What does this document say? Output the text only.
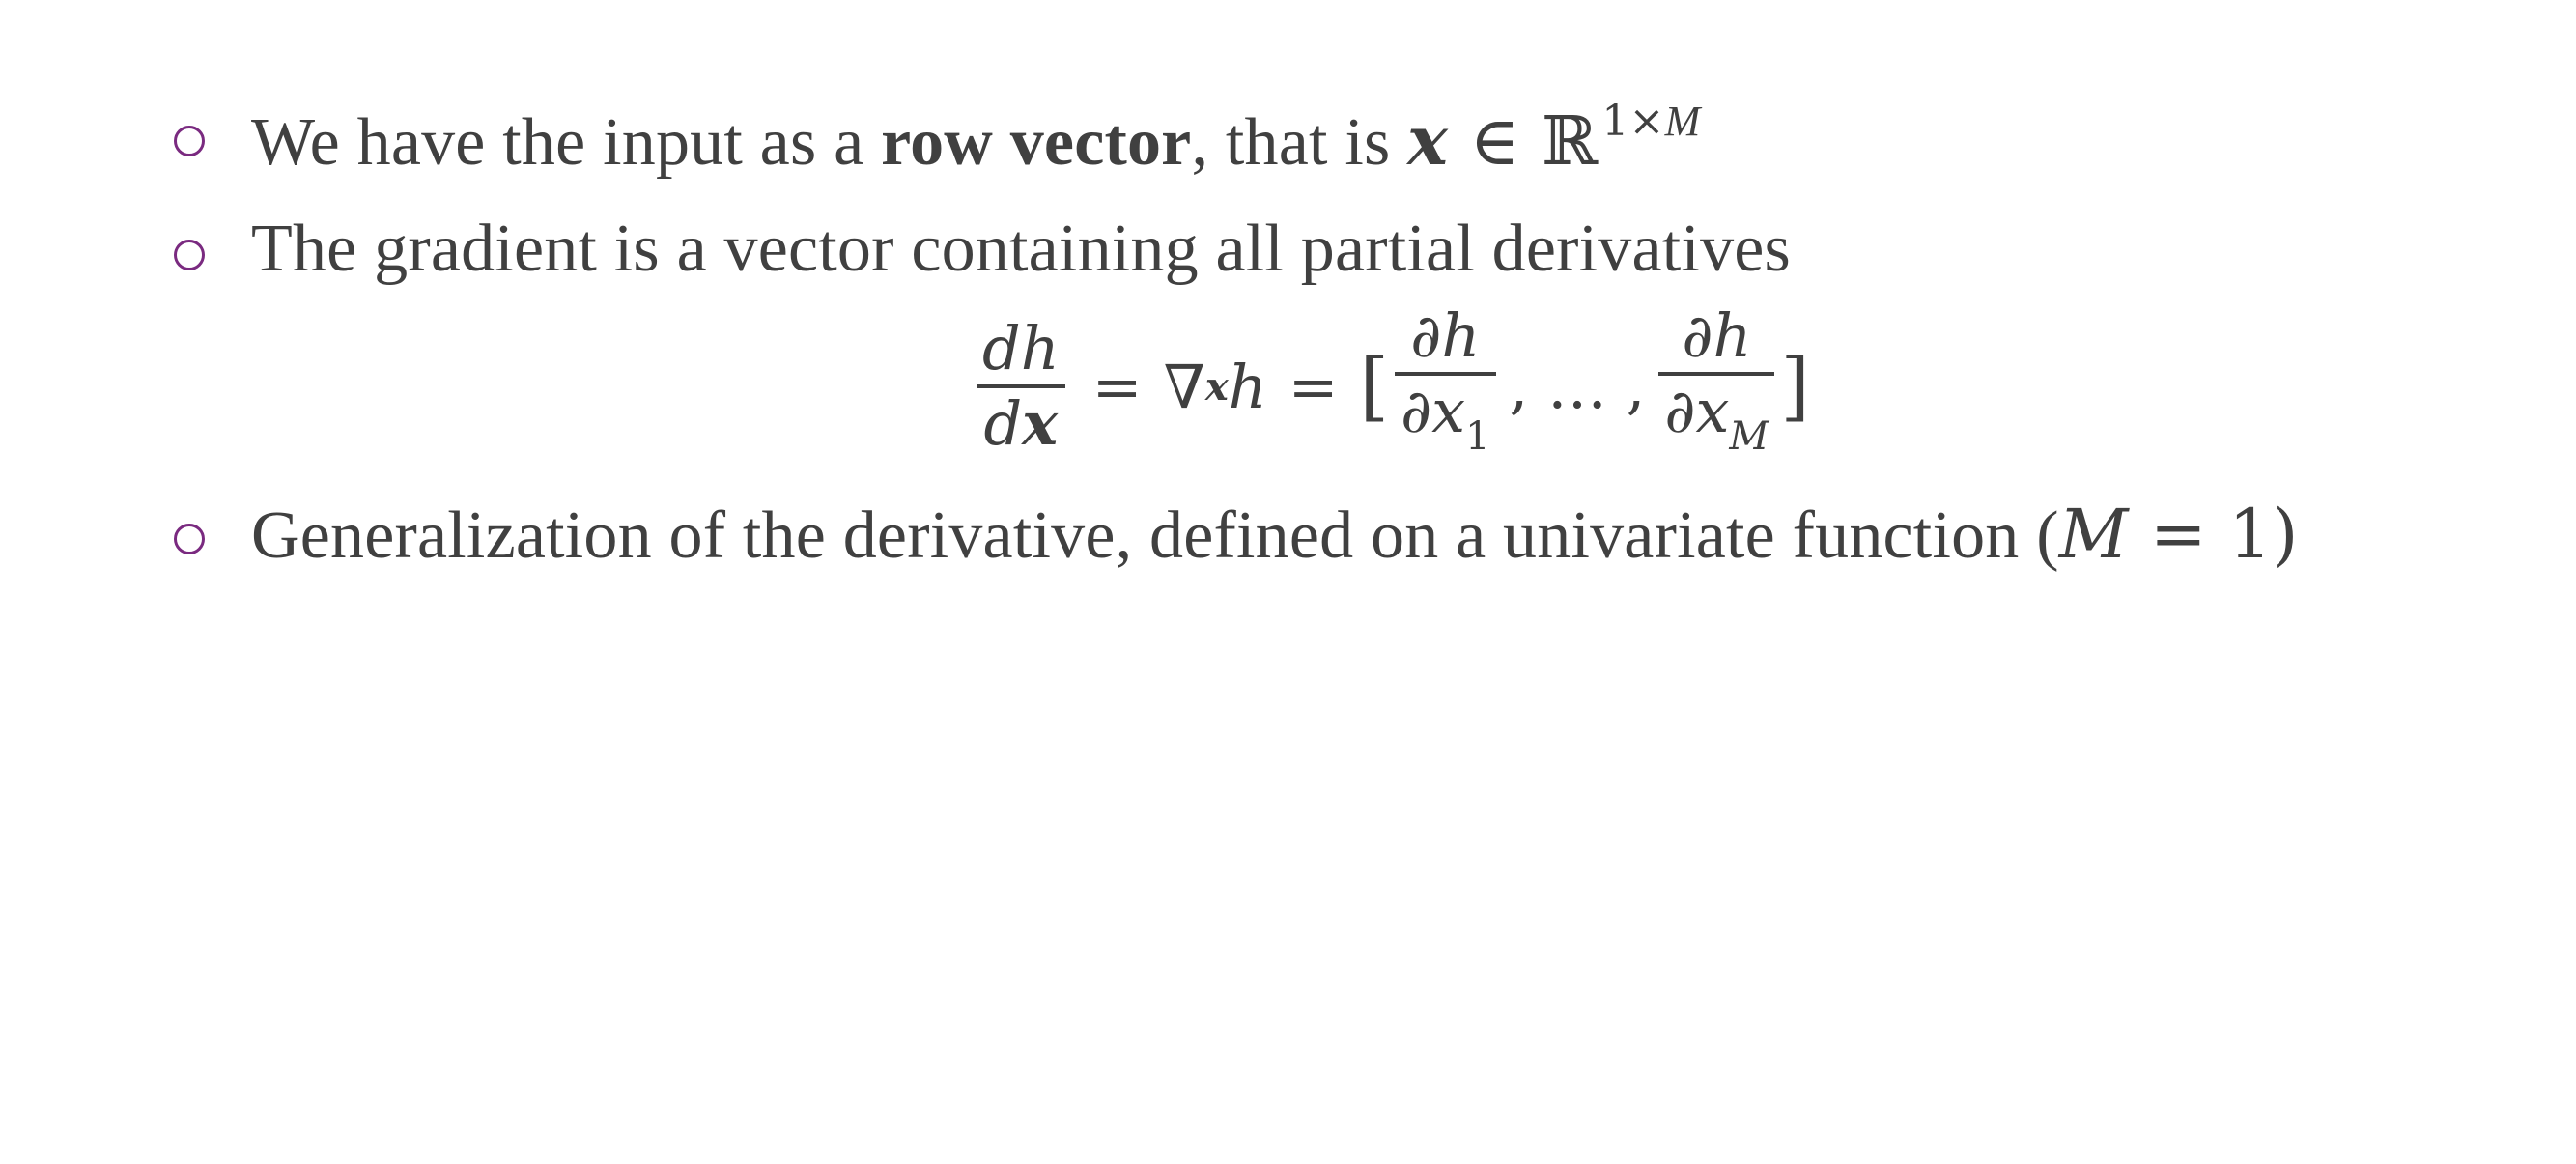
We have the input as a row vector, that is x ∈ ℝ$^{1\times M}$
The gradient is a vector containing all partial derivatives
$\frac{dh}{dx}$ = ∇ x h = [ $\frac{\partial h}{\partial x_1}$ , … , $\frac{\partial h}{\partial x_M}$ ]
Generalization of the derivative, defined on a univariate function (M = 1)
